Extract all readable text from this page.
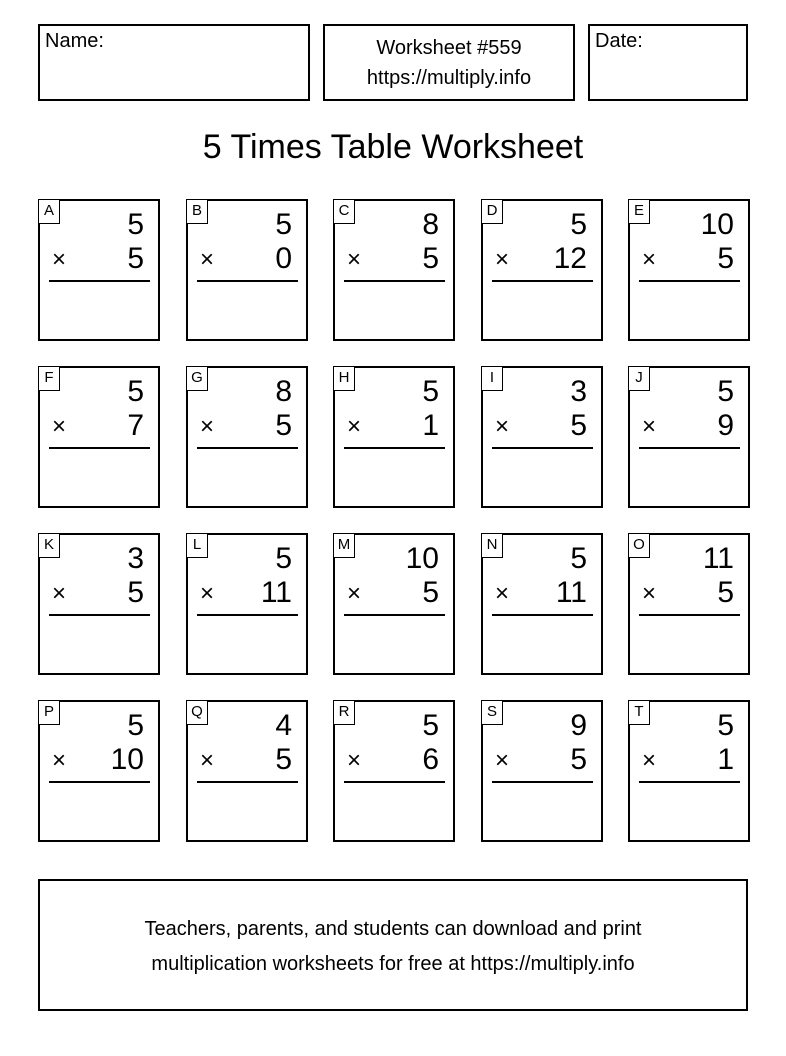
Name:	Worksheet #559
https://multiply.info
Date:
5 Times Table Worksheet
A 5
× 5
B 5
× 0
C 8
× 5
D 5
× 12
E 10
× 5
F 5
× 7
G 8
× 5
H 5
× 1
I	3
× 5
J 5
× 9
K 3
× 5
L 5
× 11
M 10
× 5
N 5
× 11
O 11
× 5
P 5
× 10
Q 4
× 5
R 5
× 6
S 9
× 5
T 5
× 1
Teachers, parents, and students can download and print
multiplication worksheets for free at https://multiply.info
